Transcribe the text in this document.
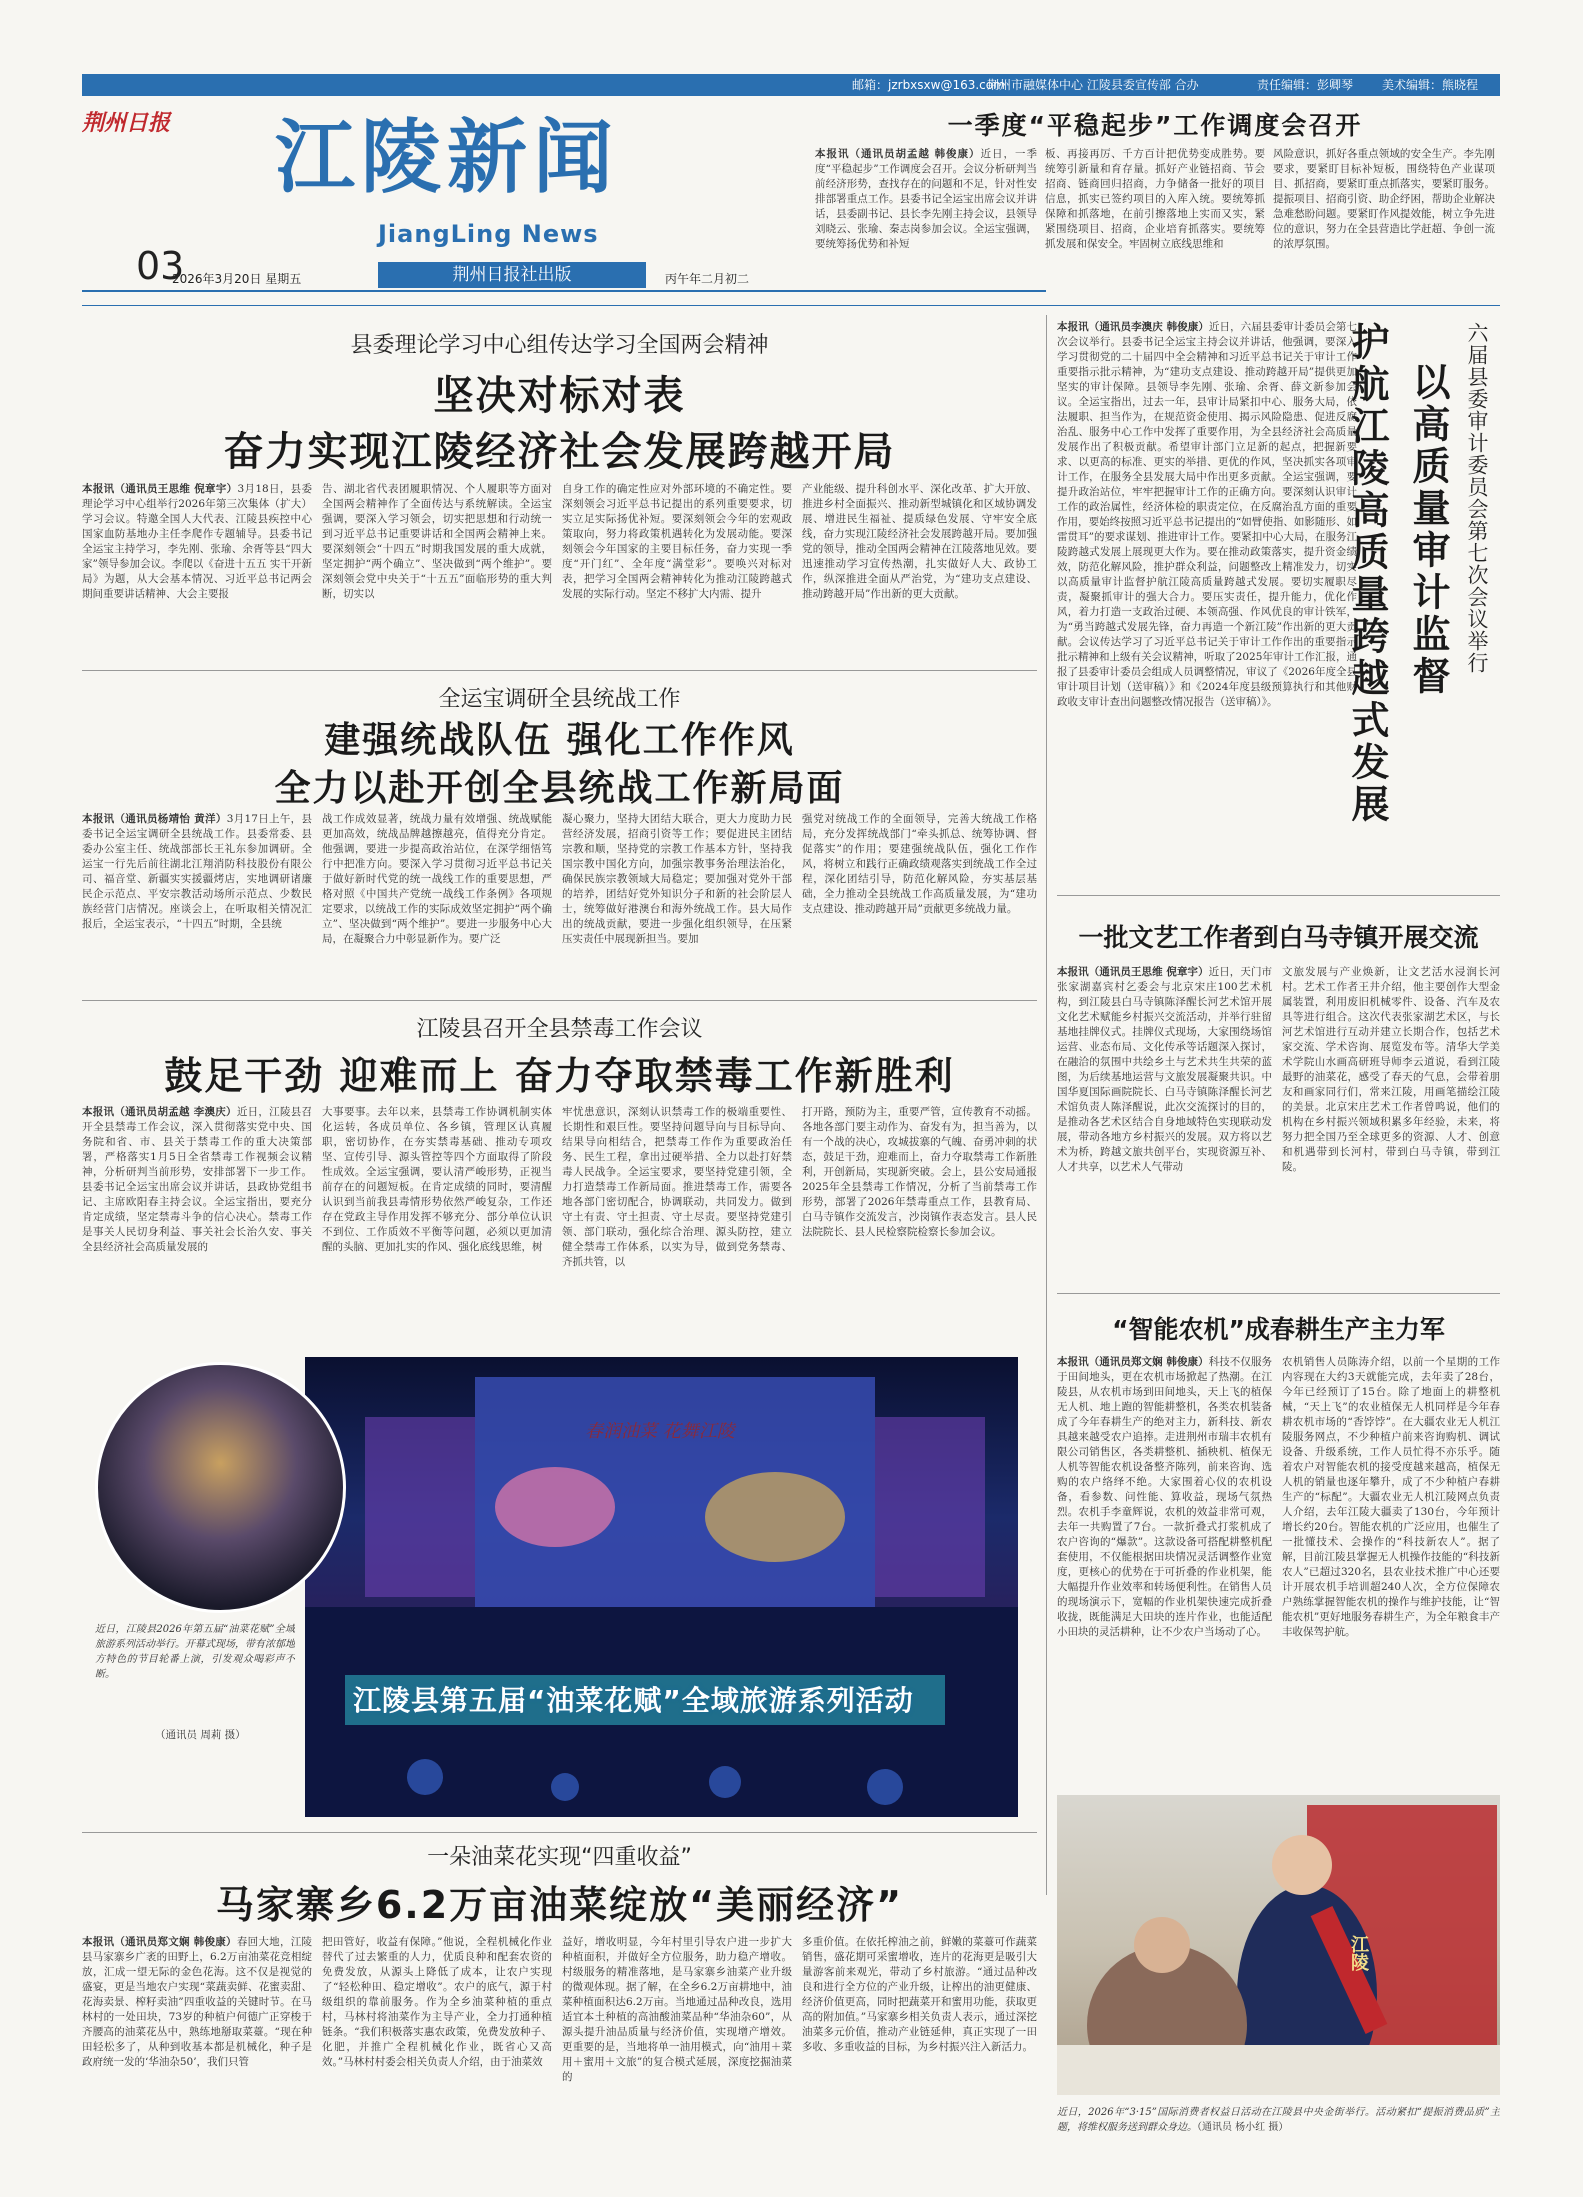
邮箱：jzrbxsxw@163.com
荆州市融媒体中心 江陵县委宣传部 合办	责任编辑：彭卿琴 美术编辑：熊晓程
荆州日报 江陵新闻
JiangLing News
03
2026年3月20日 星期五	荆州日报社出版	丙午年二月初二
一季度“平稳起步”工作调度会召开
本报讯（通讯员胡孟越 韩俊康）近日，一季度“平稳起步”工作调度会召开。会议分析研判当前经济形势，查找存在的问题和不足，针对性安排部署重点工作。县委书记全运宝出席会议并讲话，县委副书记、县长李先刚主持会议，县领导刘晓云、张瑜、秦志岗参加会议。全运宝强调，要统筹扬优势和补短
板、再接再厉、千方百计把优势变成胜势。要统筹引新量和育存量。抓好产业链招商、节会招商、链商回归招商，力争储备一批好的项目信息，抓实已签约项目的入库入统。要统筹抓保障和抓落地，在前引擦落地上实而又实，紧紧围绕项目、招商，企业培育抓落实。要统筹抓发展和保安全。牢固树立底线思维和
风险意识，抓好各重点领域的安全生产。李先刚要求，要紧盯目标补短板，围绕特色产业谋项目、抓招商，要紧盯重点抓落实，要紧盯服务。提振项目、招商引资、助企纾困，帮助企业解决急难愁盼问题。要紧盯作风提效能，树立争先进位的意识，努力在全县营造比学赶超、争创一流的浓厚氛围。
县委理论学习中心组传达学习全国两会精神
坚决对标对表
奋力实现江陵经济社会发展跨越开局
本报讯（通讯员王思维 倪章宇）3月18日，县委理论学习中心组举行2026年第三次集体（扩大）学习会议。特邀全国人大代表、江陵县疾控中心国家血防基地办主任李爬作专题辅导。县委书记全运宝主持学习，李先刚、张瑜、余胥等县“四大家”领导参加会议。李爬以《奋进十五五 实干开新局》为题，从大会基本情况、习近平总书记两会期间重要讲话精神、大会主要报
告、湖北省代表团履职情况、个人履职等方面对全国两会精神作了全面传达与系统解读。全运宝强调，要深入学习领会，切实把思想和行动统一到习近平总书记重要讲话和全国两会精神上来。要深刻领会“十四五”时期我国发展的重大成就，坚定拥护“两个确立”、坚决做到“两个维护”。要深刻领会党中央关于“十五五”面临形势的重大判断，切实以
自身工作的确定性应对外部环境的不确定性。要深刻领会习近平总书记提出的系列重要要求，切实立足实际扬优补短。要深刻领会今年的宏观政策取向，努力将政策机遇转化为发展动能。要深刻领会今年国家的主要目标任务，奋力实现一季度“开门红”、全年度“满堂彩”。要唤兴对标对表，把学习全国两会精神转化为推动江陵跨越式发展的实际行动。坚定不移扩大内需、提升
产业能级、提升科创水平、深化改革、扩大开放、推进乡村全面振兴、推动新型城镇化和区域协调发展、增进民生福祉、提质绿色发展、守牢安全底线，奋力实现江陵经济社会发展跨越开局。要加强党的领导，推动全国两会精神在江陵落地见效。要迅速推动学习宣传热潮，扎实做好人大、政协工作，纵深推进全面从严治党，为“建功支点建设、推动跨越开局”作出新的更大贡献。
本报讯（通讯员李澳庆 韩俊康）近日，六届县委审计委员会第七次会议举行。县委书记全运宝主持会议并讲话，他强调，要深入学习贯彻党的二十届四中全会精神和习近平总书记关于审计工作重要指示批示精神，为“建功支点建设、推动跨越开局”提供更加坚实的审计保障。县领导李先刚、张瑜、余胥、薛文新参加会议。全运宝指出，过去一年，县审计局紧扣中心、服务大局，依法履职、担当作为，在规范资金使用、揭示风险隐患、促进反腐治乱、服务中心工作中发挥了重要作用，为全县经济社会高质量发展作出了积极贡献。希望审计部门立足新的起点，把握新要求、以更高的标准、更实的举措、更优的作风，坚决抓实各项审计工作，在服务全县发展大局中作出更多贡献。全运宝强调，要提升政治站位，牢牢把握审计工作的正确方向。要深刻认识审计工作的政治属性，经济体检的职责定位，在反腐治乱方面的重要作用，要始终按照习近平总书记提出的“如臂使指、如影随形、如雷贯耳”的要求谋划、推进审计工作。要紧扣中心大局，在服务江陵跨越式发展上展现更大作为。要在推动政策落实，提升资金绩效，防范化解风险，推护群众利益，问题整改上精准发力，切实以高质量审计监督护航江陵高质量跨越式发展。要切实履职尽责，凝聚抓审计的强大合力。要压实责任，提升能力，优化作风，着力打造一支政治过硬、本领高强、作风优良的审计铁军，为“勇当跨越式发展先锋，奋力再造一个新江陵”作出新的更大贡献。会议传达学习了习近平总书记关于审计工作作出的重要指示批示精神和上级有关会议精神，听取了2025年审计工作汇报，通报了县委审计委员会组成人员调整情况，审议了《2026年度全县审计项目计划（送审稿）》和《2024年度县级预算执行和其他财政收支审计查出问题整改情况报告（送审稿）》。
六届县委审计委员会第七次会议举行
以高质量审计监督
护航江陵高质量跨越式发展
全运宝调研全县统战工作
建强统战队伍 强化工作作风
全力以赴开创全县统战工作新局面
本报讯（通讯员杨靖怡 黄洋）3月17日上午，县委书记全运宝调研全县统战工作。县委常委、县委办公室主任、统战部部长王礼东参加调研。全运宝一行先后前往湖北江翔消防科技股份有限公司、福音堂、新疆实实援疆烤店，实地调研诸廉民企示范点、平安宗教活动场所示范点、少数民族经营门店情况。座谈会上，在听取相关情况汇报后，全运宝表示，“十四五”时期，全县统
战工作成效显著，统战力量有效增强、统战赋能更加高效，统战品牌越擦越亮，值得充分肯定。他强调，要进一步提高政治站位，在深学细悟笃行中把准方向。要深入学习贯彻习近平总书记关于做好新时代党的统一战线工作的重要思想，严格对照《中国共产党统一战线工作条例》各项规定要求，以统战工作的实际成效坚定拥护“两个确立”、坚决做到“两个维护”。要进一步服务中心大局，在凝聚合力中彰显新作为。要广泛
凝心聚力，坚持大团结大联合，更大力度助力民营经济发展，招商引资等工作；要促进民主团结宗教和顺，坚持党的宗教工作基本方针，坚持我国宗教中国化方向，加强宗教事务治理法治化，确保民族宗教领域大局稳定；要加强对党外干部的培养，团结好党外知识分子和新的社会阶层人士，统筹做好港澳台和海外统战工作。县大局作出的统战贡献，要进一步强化组织领导，在压紧压实责任中展现新担当。要加
强党对统战工作的全面领导，完善大统战工作格局，充分发挥统战部门“牵头抓总、统筹协调、督促落实”的作用；要建强统战队伍，强化工作作风，将树立和践行正确政绩观落实到统战工作全过程，深化团结引导，防范化解风险，夯实基层基础，全力推动全县统战工作高质量发展，为“建功支点建设、推动跨越开局”贡献更多统战力量。
一批文艺工作者到白马寺镇开展交流
本报讯（通讯员王思维 倪章宇）近日，天门市张家湖嘉宾村乞委会与北京宋庄100艺术机构，到江陵县白马寺镇陈泽醒长河艺术馆开展文化艺术赋能乡村振兴交流活动，并举行驻留基地挂牌仪式。挂牌仪式现场，大家围绕场馆运营、业态布局、文化传承等话题深入探讨，在融洽的氛围中共绘乡土与艺术共生共荣的蓝图，为后续基地运营与文旅发展凝聚共识。中国华夏国际画院院长、白马寺镇陈泽醒长河艺术馆负责人陈泽醒说，此次交流探讨的目的，是推动各艺术区结合自身地域特色实现联动发展，带动各地方乡村振兴的发展。双方将以艺术为桥，跨越文旅共创平台，实现资源互补、人才共享，以艺术人气带动
文旅发展与产业焕新，让文艺活水浸润长河村。艺术工作者王井介绍，他主要创作大型金属装置，利用废旧机械零件、设备、汽车及农具等进行组合。这次代表张家湖艺术区，与长河艺术馆进行互动并建立长期合作，包括艺术家交流、学术咨询、展览发布等。清华大学美术学院山水画高研班导师李云道说，看到江陵最野的油菜花，感受了春天的气息，会带着朋友和画家同行们，常来江陵，用画笔描绘江陵的美景。北京宋庄艺术工作者曾鸣说，他们的机构在乡村振兴领域积累多年经验，未来，将努力把全国乃至全球更多的资源、人才、创意和机遇带到长河村，带到白马寺镇，带到江陵。
江陵县召开全县禁毒工作会议
鼓足干劲 迎难而上 奋力夺取禁毒工作新胜利
本报讯（通讯员胡孟越 李澳庆）近日，江陵县召开全县禁毒工作会议，深入贯彻落实党中央、国务院和省、市、县关于禁毒工作的重大决策部署，严格落实1月5日全省禁毒工作视频会议精神，分析研判当前形势，安排部署下一步工作。县委书记全运宝出席会议并讲话，县政协党组书记、主席欧阳春主持会议。全运宝指出，要充分肯定成绩，坚定禁毒斗争的信心决心。禁毒工作是事关人民切身利益、事关社会长治久安、事关全县经济社会高质量发展的
大事要事。去年以来，县禁毒工作协调机制实体化运转，各成员单位、各乡镇，管理区认真履职，密切协作，在夯实禁毒基础、推动专项攻坚、宣传引导、源头管控等四个方面取得了阶段性成效。全运宝强调，要认清严峻形势，正视当前存在的问题短板。在肯定成绩的同时，要清醒认识到当前我县毒情形势依然严峻复杂，工作还存在党政主导作用发挥不够充分、部分单位认识不到位、工作质效不平衡等问题，必须以更加清醒的头脑、更加扎实的作风、强化底线思维，树
牢忧患意识，深刻认识禁毒工作的极端重要性、长期性和艰巨性。要坚持问题导向与目标导向、结果导向相结合，把禁毒工作作为重要政治任务、民生工程，拿出过硬举措、全力以赴打好禁毒人民战争。全运宝要求，要坚持党建引领，全力打造禁毒工作新局面。推进禁毒工作，需要各地各部门密切配合，协调联动，共同发力。做到守土有责、守土担责、守土尽责。要坚持党建引领、部门联动，强化综合治理、源头防控，建立健全禁毒工作体系，以实为导，做到党务禁毒、齐抓共管，以
打开路，预防为主，重要严管，宣传教育不动摇。各地各部门要主动作为、奋发有为，担当善为，以有一个战的决心，攻城拔寨的气魄、奋勇冲刺的状态，鼓足干劲，迎难而上，奋力夺取禁毒工作新胜利，开创新局，实现新突破。会上，县公安局通报2025年全县禁毒工作情况，分析了当前禁毒工作形势，部署了2026年禁毒重点工作，县教育局、白马寺镇作交流发言，沙岗镇作表态发言。县人民法院院长、县人民检察院检察长参加会议。
春润油菜 花舞江陵
江陵县第五届“油菜花赋”全域旅游系列活动
近日，江陵县2026年第五届“油菜花赋”全域旅游系列活动举行。开幕式现场，带有浓郁地方特色的节目轮番上演，引发观众喝彩声不断。
（通讯员 周莉 摄）
“智能农机”成春耕生产主力军
本报讯（通讯员郑文娴 韩俊康）科技不仅服务于田间地头，更在农机市场掀起了热潮。在江陵县，从农机市场到田间地头，天上飞的植保无人机、地上跑的智能耕整机，各类农机装备成了今年春耕生产的绝对主力，新科技、新农具越来越受农户追捧。走进荆州市瑞丰农机有限公司销售区，各类耕整机、插秧机、植保无人机等智能农机设备整齐陈列，前来咨询、选购的农户络绎不绝。大家围着心仪的农机设备，看参数、问性能、算收益，现场气氛热烈。农机手李童辉说，农机的效益非常可观，去年一共购置了7台。一款折叠式打浆机成了农户咨询的“爆款”。这款设备可搭配耕整机配套使用，不仅能根据田块情况灵活调整作业宽度，更核心的优势在于可折叠的作业机架，能大幅提升作业效率和转场便利性。在销售人员的现场演示下，宽幅的作业机架快速完成折叠收拢，既能满足大田块的连片作业，也能适配小田块的灵活耕种，让不少农户当场动了心。
农机销售人员陈涛介绍，以前一个星期的工作内容现在大约3天就能完成，去年卖了28台，今年已经预订了15台。除了地面上的耕整机械，“天上飞”的农业植保无人机同样是今年春耕农机市场的“香饽饽”。在大疆农业无人机江陵服务网点，不少种植户前来咨询购机、调试设备、升级系统，工作人员忙得不亦乐乎。随着农户对智能农机的接受度越来越高，植保无人机的销量也逐年攀升，成了不少种植户春耕生产的“标配”。大疆农业无人机江陵网点负责人介绍，去年江陵大疆卖了130台，今年预计增长约20台。智能农机的广泛应用，也催生了一批懂技术、会操作的“科技新农人”。据了解，目前江陵县掌握无人机操作技能的“科技新农人”已超过320名，县农业技术推广中心还要计开展农机手培训超240人次，全方位保障农户熟练掌握智能农机的操作与维护技能，让“智能农机”更好地服务春耕生产，为全年粮食丰产丰收保驾护航。
江陵
近日，2026年“3·15”国际消费者权益日活动在江陵县中央金街举行。活动紧扣“提振消费品质”主题，将维权服务送到群众身边。（通讯员 杨小红 摄）
一朵油菜花实现“四重收益”
马家寨乡6.2万亩油菜绽放“美丽经济”
本报讯（通讯员郑文娴 韩俊康）春回大地，江陵县马家寨乡广袤的田野上，6.2万亩油菜花竞相绽放，汇成一望无际的金色花海。这不仅是视觉的盛宴，更是当地农户实现“菜蔬卖鲜、花蜜卖甜、花海卖景、榨籽卖油”四重收益的关键时节。在马林村的一处田块，73岁的种植户何德广正穿梭于齐腰高的油菜花丛中，熟练地掰取菜薹。“现在种田轻松多了，从种到收基本都是机械化，种子是政府统一发的‘华油杂50’，我们只管
把田管好，收益有保障。”他说，全程机械化作业替代了过去繁重的人力，优质良种和配套农资的免费发放，从源头上降低了成本，让农户实现了“轻松种田、稳定增收”。农户的底气，源于村级组织的靠前服务。作为全乡油菜种植的重点村，马林村将油菜作为主导产业，全力打通种植链条。“我们积极落实惠农政策，免费发放种子、化肥，并推广全程机械化作业，既省心又高效。”马林村村委会相关负责人介绍，由于油菜效
益好，增收明显，今年村里引导农户进一步扩大种植面积，并做好全方位服务，助力稳产增收。村级服务的精准落地，是马家寨乡油菜产业升级的微观体现。据了解，在全乡6.2万亩耕地中，油菜种植面积达6.2万亩。当地通过品种改良，选用适宜本土种植的高油酸油菜品种“华油杂60”，从源头提升油品质量与经济价值，实现增产增效。更重要的是，当地将单一油用模式，向“油用＋菜用＋蜜用＋文旅”的复合模式延展，深度挖掘油菜的
多重价值。在依托榨油之前，鲜嫩的菜薹可作蔬菜销售，盛花期可采蜜增收，连片的花海更是吸引大量游客前来观光，带动了乡村旅游。“通过品种改良和进行全方位的产业升级，让榨出的油更健康、经济价值更高，同时把蔬菜开和蜜用功能，获取更高的附加值。”马家寨乡相关负责人表示，通过深挖油菜多元价值，推动产业链延伸，真正实现了一田多收、多重收益的目标，为乡村振兴注入新活力。
